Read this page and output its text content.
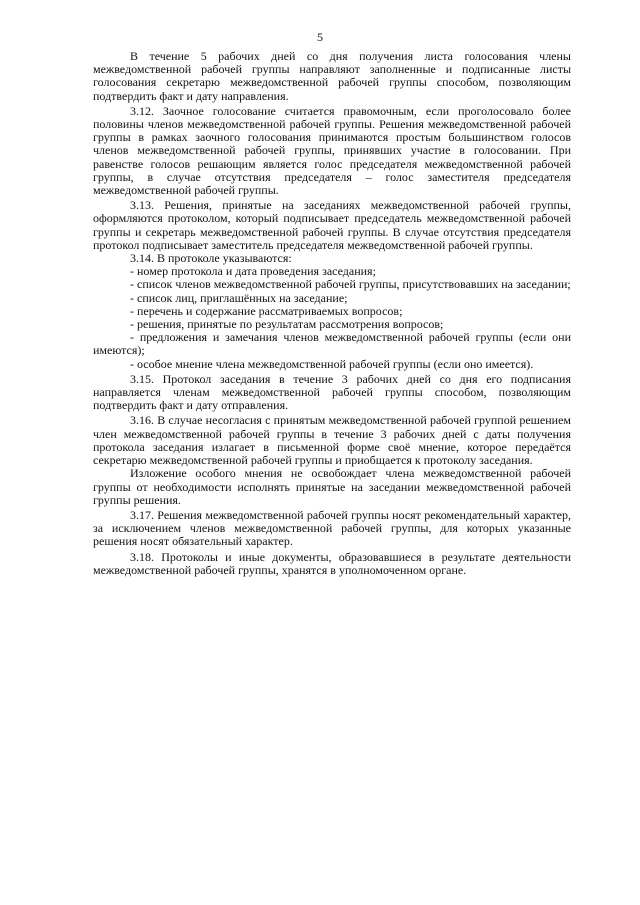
5

В течение 5 рабочих дней со дня получения листа голосования члены межведомственной рабочей группы направляют заполненные и подписанные листы голосования секретарю межведомственной рабочей группы способом, позволяющим подтвердить факт и дату направления.

3.12. Заочное голосование считается правомочным, если проголосовало более половины членов межведомственной рабочей группы. Решения межведомственной рабочей группы в рамках заочного голосования принимаются простым большинством голосов членов межведомственной рабочей группы, принявших участие в голосовании. При равенстве голосов решающим является голос председателя межведомственной рабочей группы, в случае отсутствия председателя – голос заместителя председателя межведомственной рабочей группы.

3.13. Решения, принятые на заседаниях межведомственной рабочей группы, оформляются протоколом, который подписывает председатель межведомственной рабочей группы и секретарь межведомственной рабочей группы. В случае отсутствия председателя протокол подписывает заместитель председателя межведомственной рабочей группы.

3.14. В протоколе указываются:

- номер протокола и дата проведения заседания;

- список членов межведомственной рабочей группы, присутствовавших на заседании;

- список лиц, приглашённых на заседание;

- перечень и содержание рассматриваемых вопросов;

- решения, принятые по результатам рассмотрения вопросов;

- предложения и замечания членов межведомственной рабочей группы (если они имеются);

- особое мнение члена межведомственной рабочей группы (если оно имеется).

3.15. Протокол заседания в течение 3 рабочих дней со дня его подписания направляется членам межведомственной рабочей группы способом, позволяющим подтвердить факт и дату отправления.

3.16. В случае несогласия с принятым межведомственной рабочей группой решением член межведомственной рабочей группы в течение 3 рабочих дней с даты получения протокола заседания излагает в письменной форме своё мнение, которое передаётся секретарю межведомственной рабочей группы и приобщается к протоколу заседания.

Изложение особого мнения не освобождает члена межведомственной рабочей группы от необходимости исполнять принятые на заседании межведомственной рабочей группы решения.

3.17. Решения межведомственной рабочей группы носят рекомендательный характер, за исключением членов межведомственной рабочей группы, для которых указанные решения носят обязательный характер.

3.18. Протоколы и иные документы, образовавшиеся в результате деятельности межведомственной рабочей группы, хранятся в уполномоченном органе.
